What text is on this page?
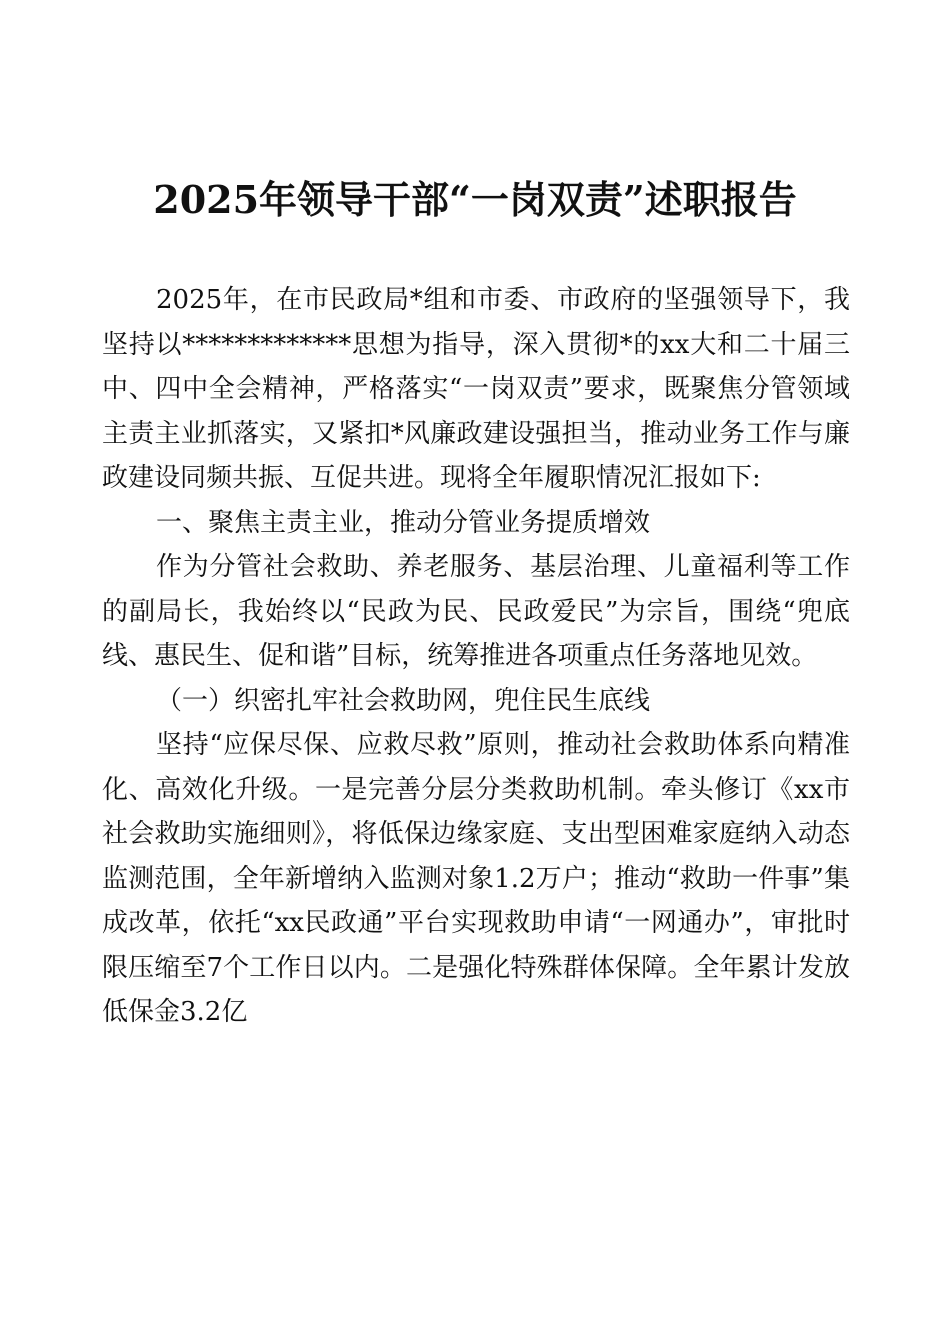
2025年领导干部“一岗双责”述职报告

2025年，在市民政局*组和市委、市政府的坚强领导下，我坚持以*************思想为指导，深入贯彻*的xx大和二十届三中、四中全会精神，严格落实“一岗双责”要求，既聚焦分管领域主责主业抓落实，又紧扣*风廉政建设强担当，推动业务工作与廉政建设同频共振、互促共进。现将全年履职情况汇报如下:

一、聚焦主责主业，推动分管业务提质增效

作为分管社会救助、养老服务、基层治理、儿童福利等工作的副局长，我始终以“民政为民、民政爱民”为宗旨，围绕“兜底线、惠民生、促和谐”目标，统筹推进各项重点任务落地见效。

（一）织密扎牢社会救助网，兜住民生底线

坚持“应保尽保、应救尽救”原则，推动社会救助体系向精准化、高效化升级。一是完善分层分类救助机制。牵头修订《xx市社会救助实施细则》，将低保边缘家庭、支出型困难家庭纳入动态监测范围，全年新增纳入监测对象1.2万户；推动“救助一件事”集成改革，依托“xx民政通”平台实现救助申请“一网通办”，审批时限压缩至7个工作日以内。二是强化特殊群体保障。全年累计发放低保金3.2亿
